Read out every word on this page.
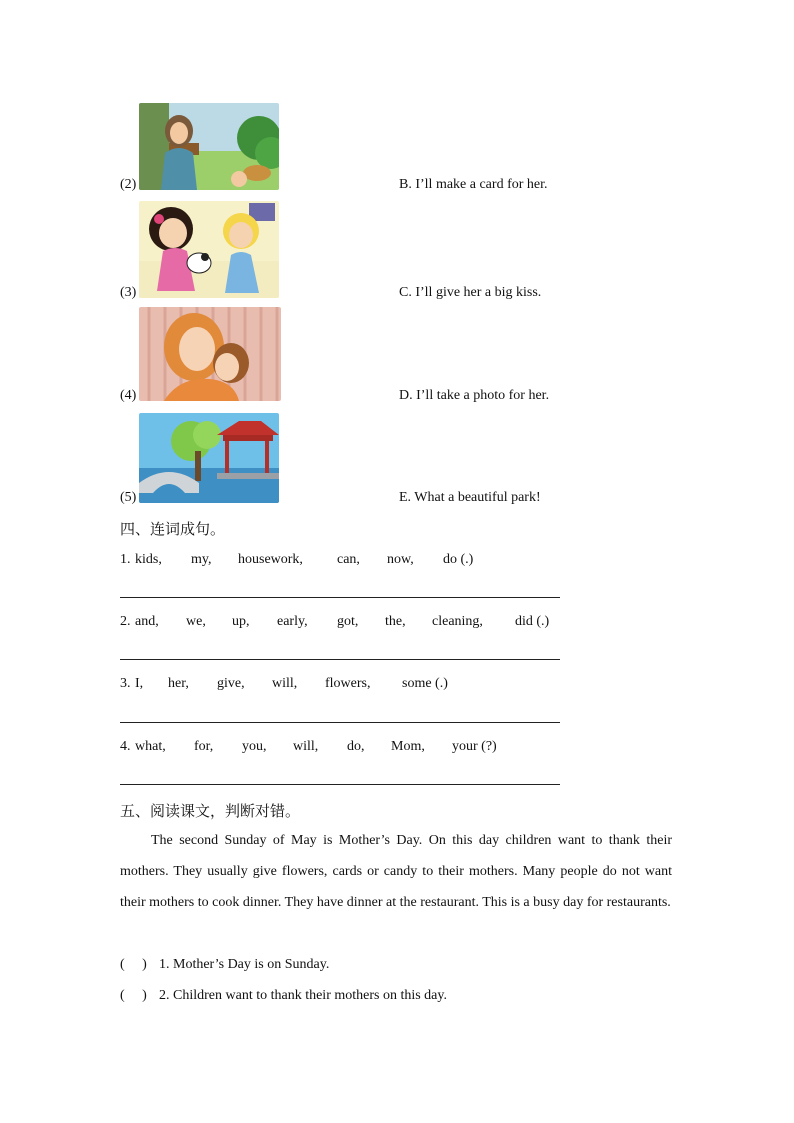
(2)	B. I’ll make a card for her.
(3)	C. I’ll give her a big kiss.
(4)	D. I’ll take a photo for her.
(5)	E. What a beautiful park!
四、连词成句。
1. kids, my, housework, can, now, do (.)
2. and, we, up, early, got, the, cleaning, did (.)
3. I, her, give, will, flowers, some (.)
4. what, for, you, will, do, Mom, your (?)
五、阅读课文，判断对错。
The second Sunday of May is Mother’s Day. On this day children want to thank their mothers. They usually give flowers, cards or candy to their mothers. Many people do not want their mothers to cook dinner. They have dinner at the restaurant. This is a busy day for restaurants.
(　 ) 1. Mother’s Day is on Sunday.
(　 ) 2. Children want to thank their mothers on this day.
